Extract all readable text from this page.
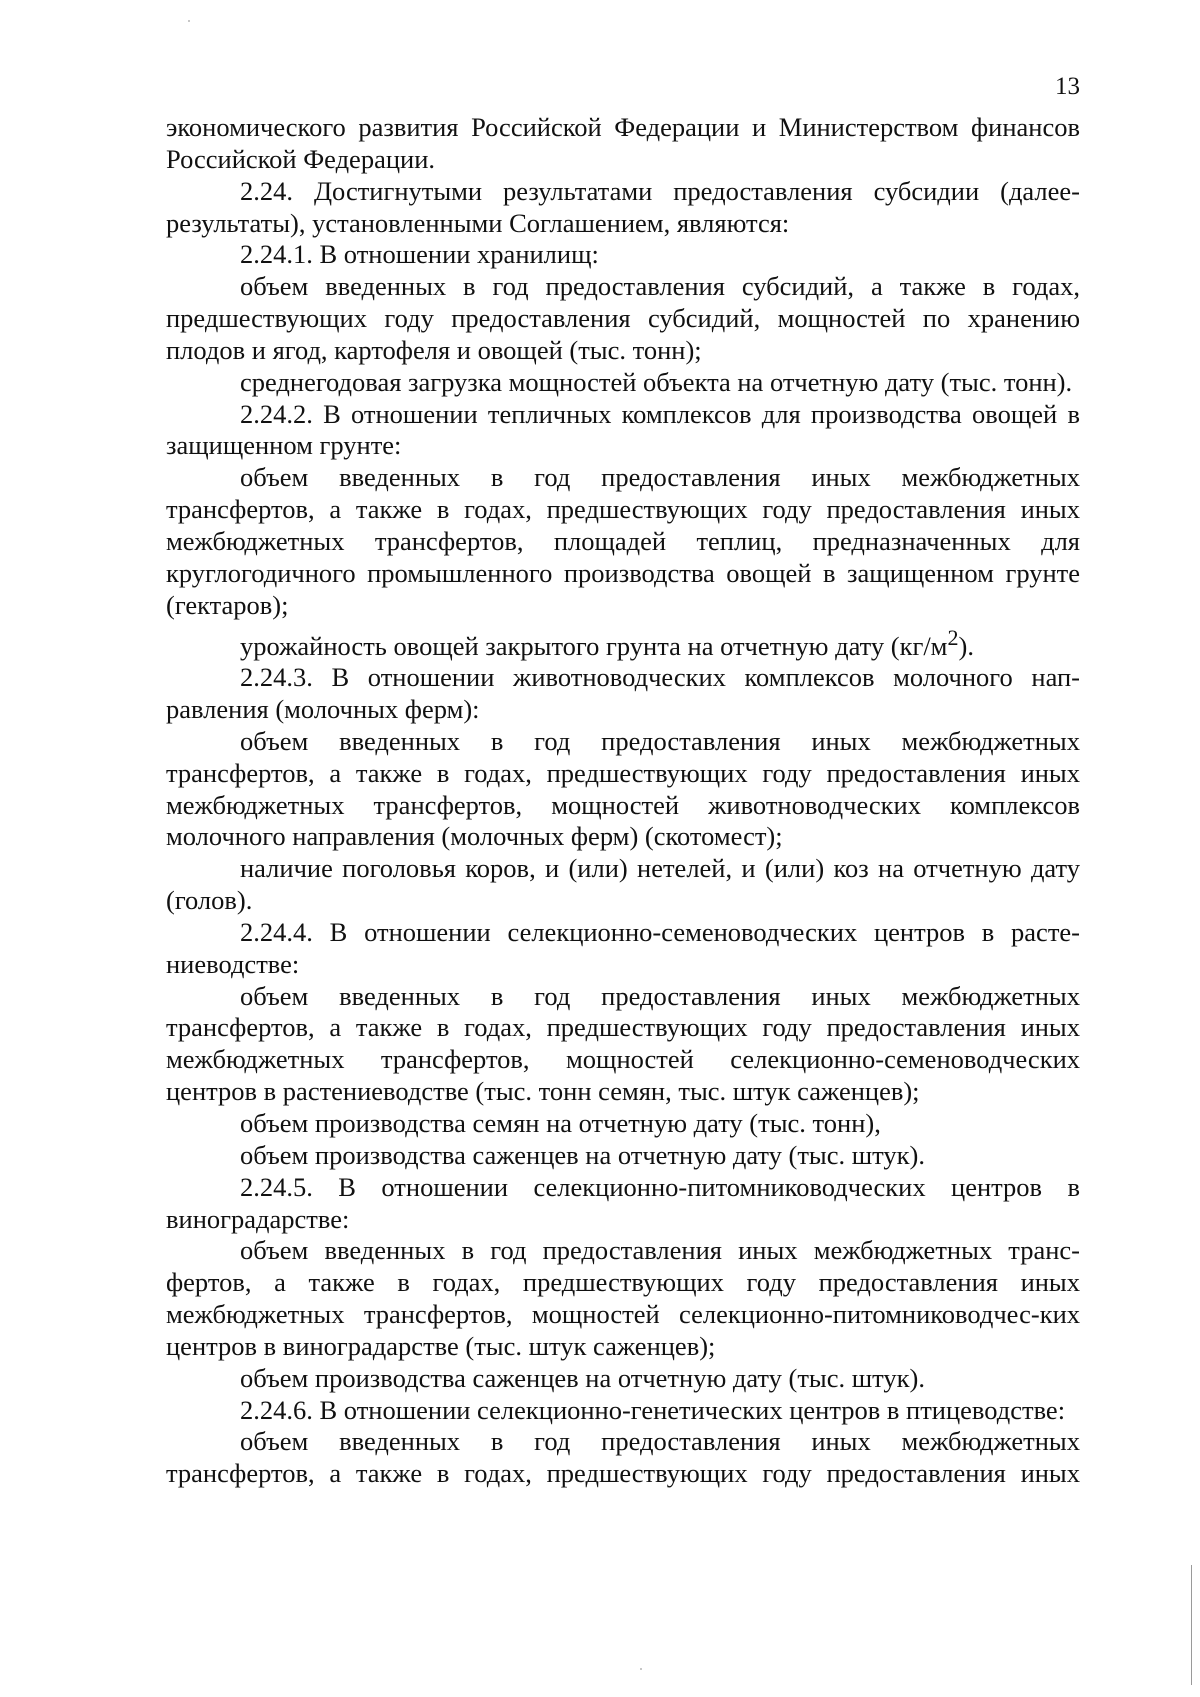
13

экономического развития Российской Федерации и Министерством финансов Российской Федерации.

2.24. Достигнутыми результатами предоставления субсидии (далее-результаты), установленными Соглашением, являются:

2.24.1. В отношении хранилищ:

объем введенных в год предоставления субсидий, а также в годах, предшествующих году предоставления субсидий, мощностей по хранению плодов и ягод, картофеля и овощей (тыс. тонн);

среднегодовая загрузка мощностей объекта на отчетную дату (тыс. тонн).

2.24.2. В отношении тепличных комплексов для производства овощей в защищенном грунте:

объем введенных в год предоставления иных межбюджетных трансфертов, а также в годах, предшествующих году предоставления иных межбюджетных трансфертов, площадей теплиц, предназначенных для круглогодичного промышленного производства овощей в защищенном грунте (гектаров);

урожайность овощей закрытого грунта на отчетную дату $(кг/м^2)$.

2.24.3. В отношении животноводческих комплексов молочного нап-равления (молочных ферм):

объем введенных в год предоставления иных межбюджетных трансфертов, а также в годах, предшествующих году предоставления иных межбюджетных трансфертов, мощностей животноводческих комплексов молочного направления (молочных ферм) (скотомест);

наличие поголовья коров, и (или) нетелей, и (или) коз на отчетную дату (голов).

2.24.4. В отношении селекционно-семеноводческих центров в расте-ниеводстве:

объем введенных в год предоставления иных межбюджетных трансфертов, а также в годах, предшествующих году предоставления иных межбюджетных трансфертов, мощностей селекционно-семеноводческих центров в растениеводстве (тыс. тонн семян, тыс. штук саженцев);

объем производства семян на отчетную дату (тыс. тонн),

объем производства саженцев на отчетную дату (тыс. штук).

2.24.5. В отношении селекционно-питомниководческих центров в виноградарстве:

объем введенных в год предоставления иных межбюджетных транс-фертов, а также в годах, предшествующих году предоставления иных межбюджетных трансфертов, мощностей селекционно-питомниководчес-ких центров в виноградарстве (тыс. штук саженцев);

объем производства саженцев на отчетную дату (тыс. штук).

2.24.6. В отношении селекционно-генетических центров в птицеводстве:

объем введенных в год предоставления иных межбюджетных трансфертов, а также в годах, предшествующих году предоставления иных
